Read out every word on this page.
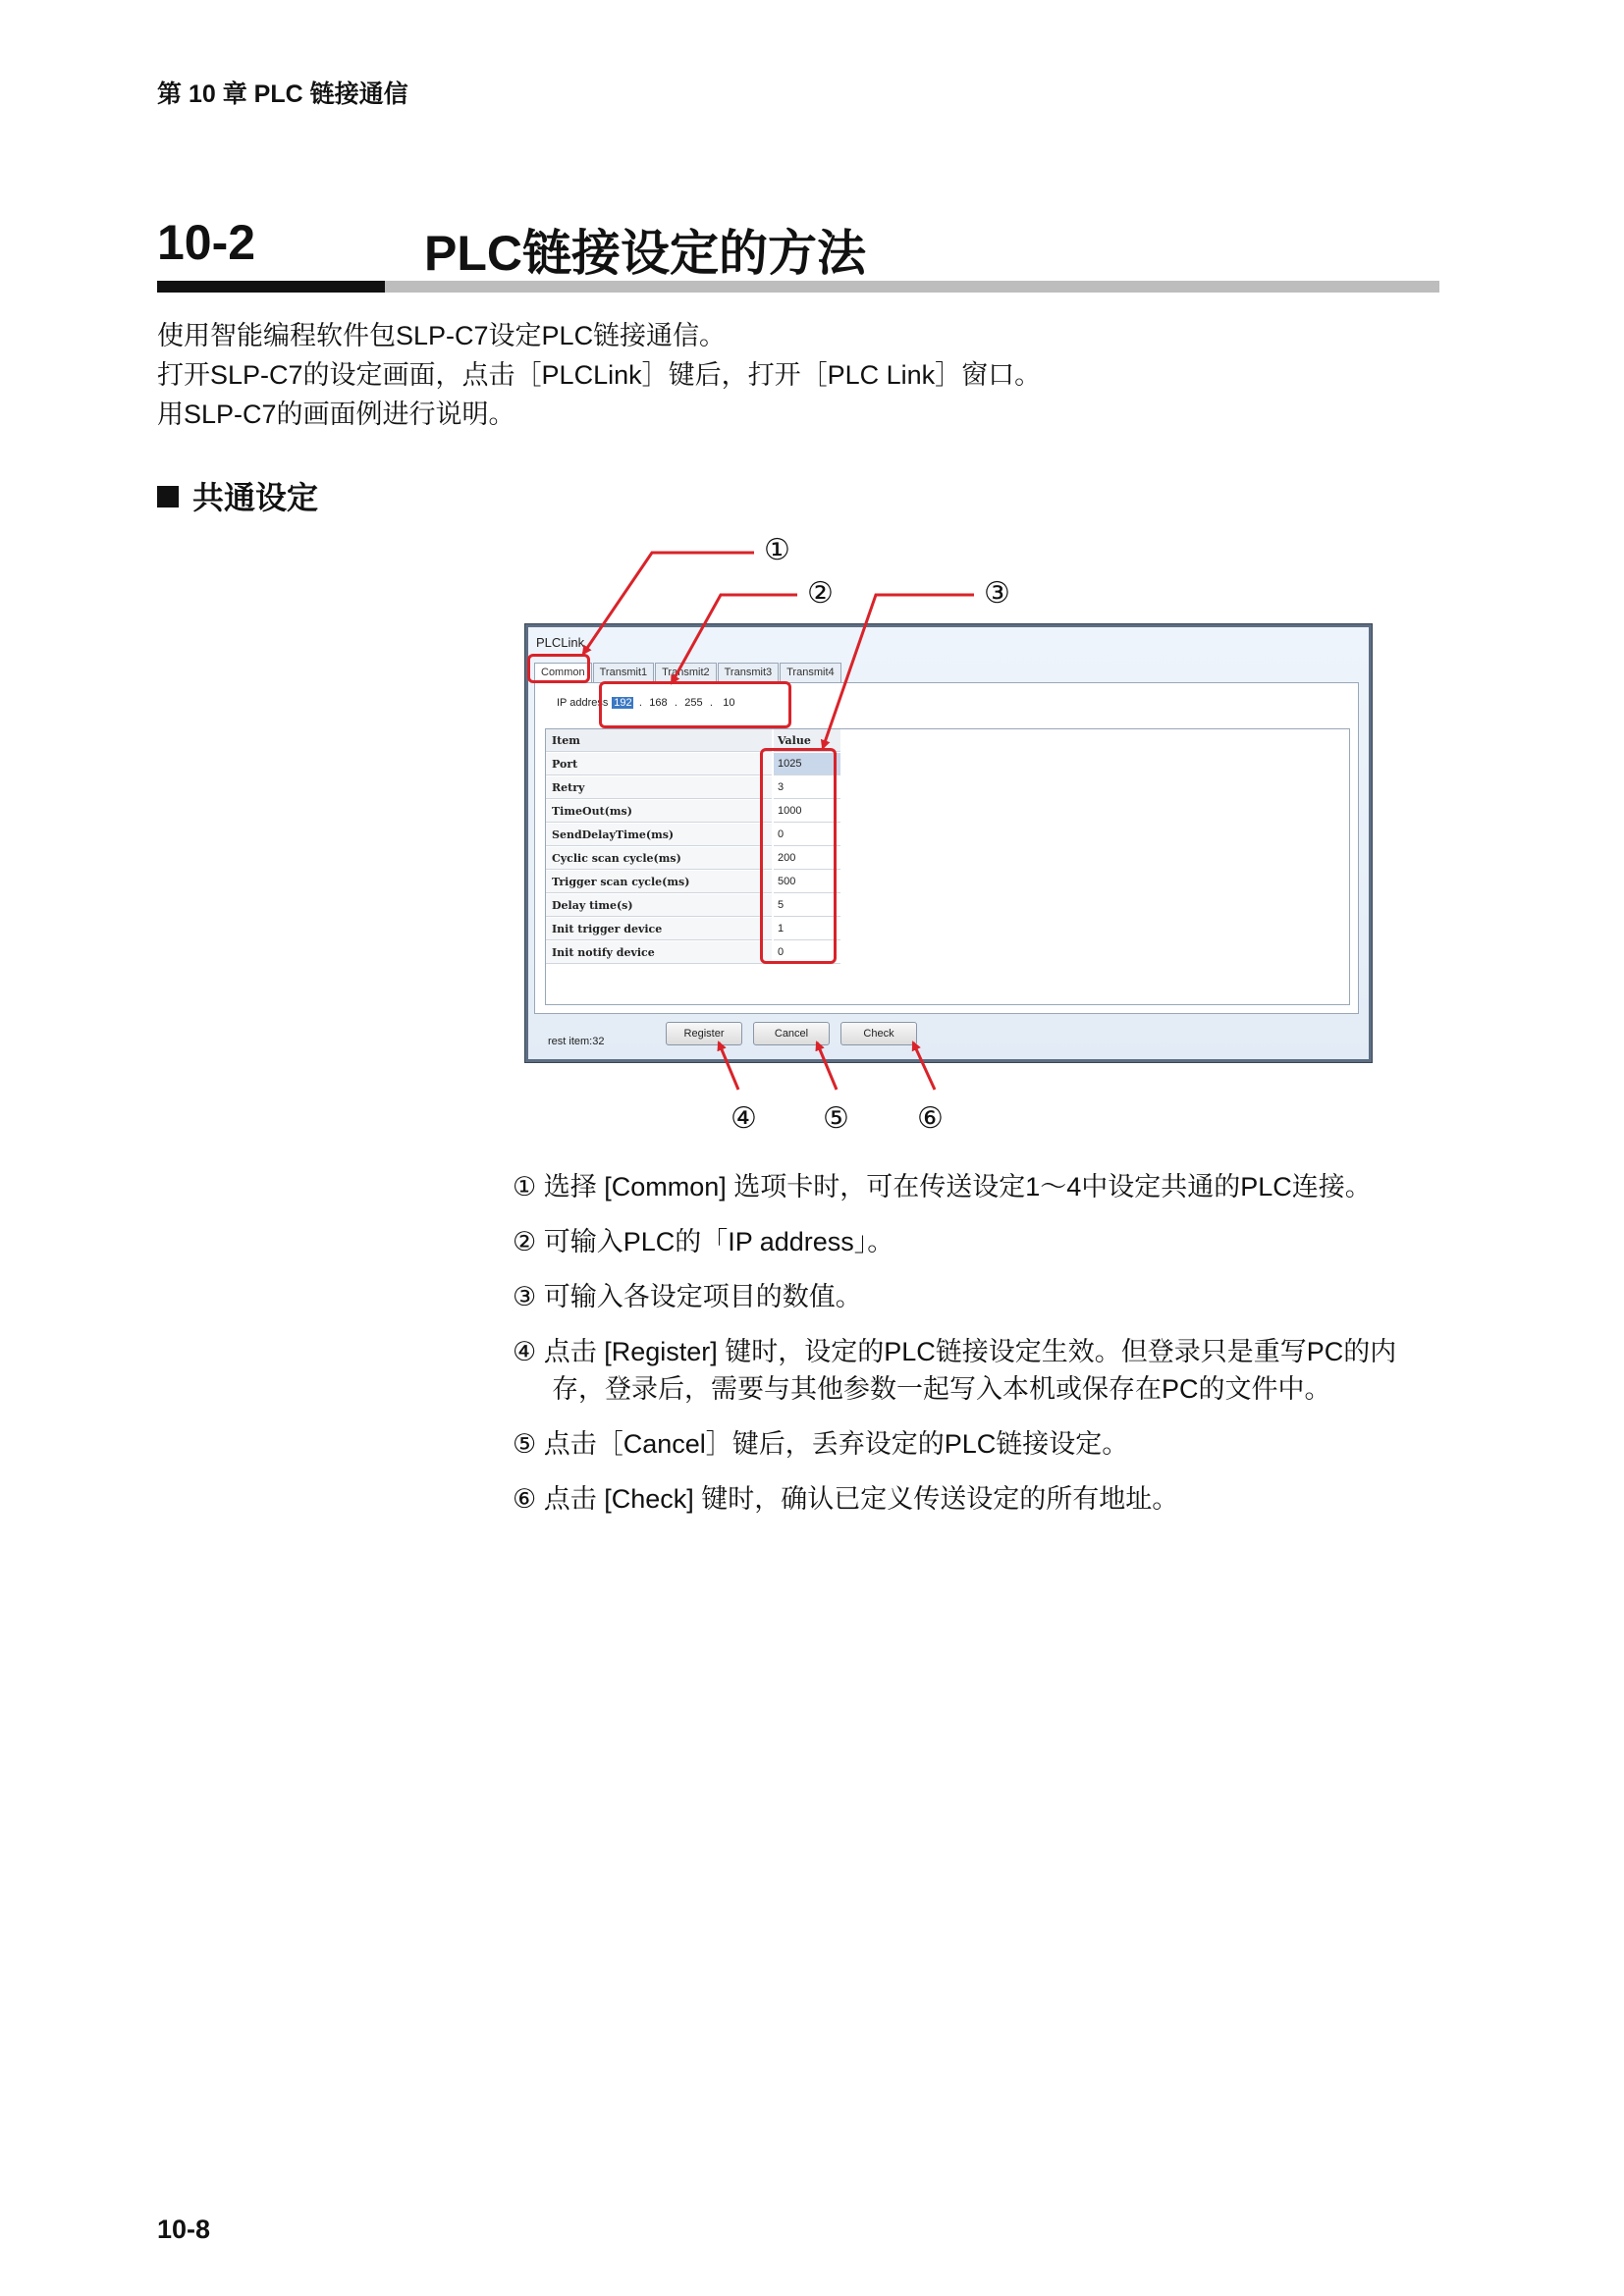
第 10 章 PLC 链接通信
10-2	PLC链接设定的方法
使用智能编程软件包SLP-C7设定PLC链接通信。
打开SLP-C7的设定画面，点击［PLCLink］键后，打开［PLC Link］窗口。
用SLP-C7的画面例进行说明。
共通设定
①
②	③
④ ⑤ ⑥
PLCLink
Common	Transmit1	Transmit2	Transmit3	Transmit4
IP address 192 . 168 . 255 . 10
Item	Value
Port	1025
Retry	3
TimeOut(ms)	1000
SendDelayTime(ms)	0
Cyclic scan cycle(ms)	200
Trigger scan cycle(ms)	500
Delay time(s)	5
Init trigger device	1
Init notify device	0
rest item:32
Register	Cancel	Check
① 选择 [Common] 选项卡时，可在传送设定1～4中设定共通的PLC连接。
② 可输入PLC的「IP address」。
③ 可输入各设定项目的数值。
④ 点击 [Register] 键时，设定的PLC链接设定生效。但登录只是重写PC的内
存，登录后，需要与其他参数一起写入本机或保存在PC的文件中。
⑤ 点击［Cancel］键后，丢弃设定的PLC链接设定。
⑥ 点击 [Check] 键时，确认已定义传送设定的所有地址。
10-8
